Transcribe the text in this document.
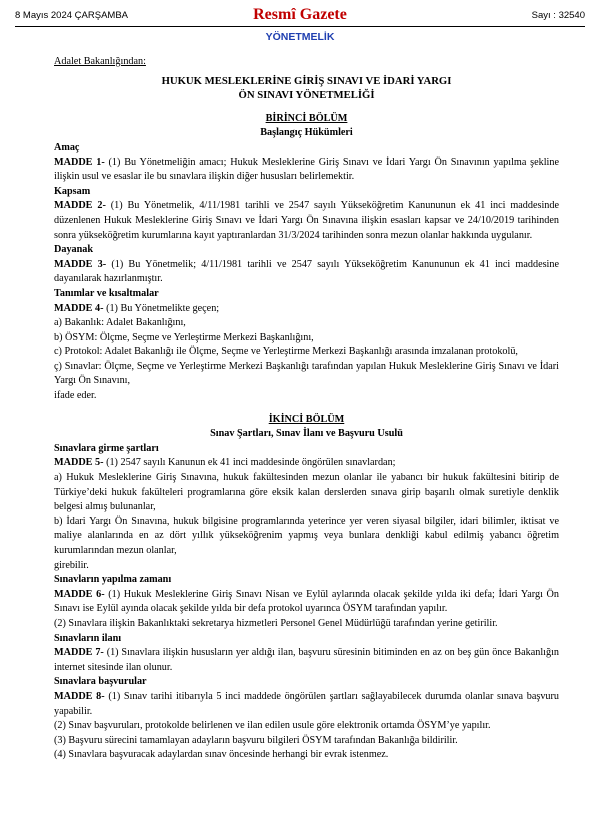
8 Mayıs 2024 ÇARŞAMBA	Resmî Gazete	Sayı : 32540
YÖNETMELİK

Adalet Bakanlığından:

HUKUK MESLEKLERİNE GİRİŞ SINAVI VE İDARİ YARGI

ÖN SINAVI YÖNETMELİĞİ

BİRİNCİ BÖLÜM

Başlangıç Hükümleri

Amaç

MADDE 1- (1) Bu Yönetmeliğin amacı; Hukuk Mesleklerine Giriş Sınavı ve İdari Yargı Ön Sınavının yapılma şekline ilişkin usul ve esaslar ile bu sınavlara ilişkin diğer hususları belirlemektir.

Kapsam

MADDE 2- (1) Bu Yönetmelik, 4/11/1981 tarihli ve 2547 sayılı Yükseköğretim Kanununun ek 41 inci maddesinde düzenlenen Hukuk Mesleklerine Giriş Sınavı ve İdari Yargı Ön Sınavına ilişkin esasları kapsar ve 24/10/2019 tarihinden sonra yükseköğretim kurumlarına kayıt yaptıranlardan 31/3/2024 tarihinden sonra mezun olanlar hakkında uygulanır.

Dayanak

MADDE 3- (1) Bu Yönetmelik; 4/11/1981 tarihli ve 2547 sayılı Yükseköğretim Kanununun ek 41 inci maddesine dayanılarak hazırlanmıştır.

Tanımlar ve kısaltmalar

MADDE 4- (1) Bu Yönetmelikte geçen;

a) Bakanlık: Adalet Bakanlığını,

b) ÖSYM: Ölçme, Seçme ve Yerleştirme Merkezi Başkanlığını,

c) Protokol: Adalet Bakanlığı ile Ölçme, Seçme ve Yerleştirme Merkezi Başkanlığı arasında imzalanan protokolü,

ç) Sınavlar: Ölçme, Seçme ve Yerleştirme Merkezi Başkanlığı tarafından yapılan Hukuk Mesleklerine Giriş Sınavı ve İdari Yargı Ön Sınavını,

ifade eder.

İKİNCİ BÖLÜM

Sınav Şartları, Sınav İlanı ve Başvuru Usulü

Sınavlara girme şartları

MADDE 5- (1) 2547 sayılı Kanunun ek 41 inci maddesinde öngörülen sınavlardan;

a) Hukuk Mesleklerine Giriş Sınavına, hukuk fakültesinden mezun olanlar ile yabancı bir hukuk fakültesini bitirip de Türkiye’deki hukuk fakülteleri programlarına göre eksik kalan derslerden sınava girip başarılı olmak suretiyle denklik belgesi almış bulunanlar,

b) İdari Yargı Ön Sınavına, hukuk bilgisine programlarında yeterince yer veren siyasal bilgiler, idari bilimler, iktisat ve maliye alanlarında en az dört yıllık yükseköğrenim yapmış veya bunlara denkliği kabul edilmiş yabancı öğretim kurumlarından mezun olanlar,

girebilir.

Sınavların yapılma zamanı

MADDE 6- (1) Hukuk Mesleklerine Giriş Sınavı Nisan ve Eylül aylarında olacak şekilde yılda iki defa; İdari Yargı Ön Sınavı ise Eylül ayında olacak şekilde yılda bir defa protokol uyarınca ÖSYM tarafından yapılır.

(2) Sınavlara ilişkin Bakanlıktaki sekretarya hizmetleri Personel Genel Müdürlüğü tarafından yerine getirilir.

Sınavların ilanı

MADDE 7- (1) Sınavlara ilişkin hususların yer aldığı ilan, başvuru süresinin bitiminden en az on beş gün önce Bakanlığın internet sitesinde ilan olunur.

Sınavlara başvurular

MADDE 8- (1) Sınav tarihi itibarıyla 5 inci maddede öngörülen şartları sağlayabilecek durumda olanlar sınava başvuru yapabilir.

(2) Sınav başvuruları, protokolde belirlenen ve ilan edilen usule göre elektronik ortamda ÖSYM’ye yapılır.

(3) Başvuru sürecini tamamlayan adayların başvuru bilgileri ÖSYM tarafından Bakanlığa bildirilir.

(4) Sınavlara başvuracak adaylardan sınav öncesinde herhangi bir evrak istenmez.
